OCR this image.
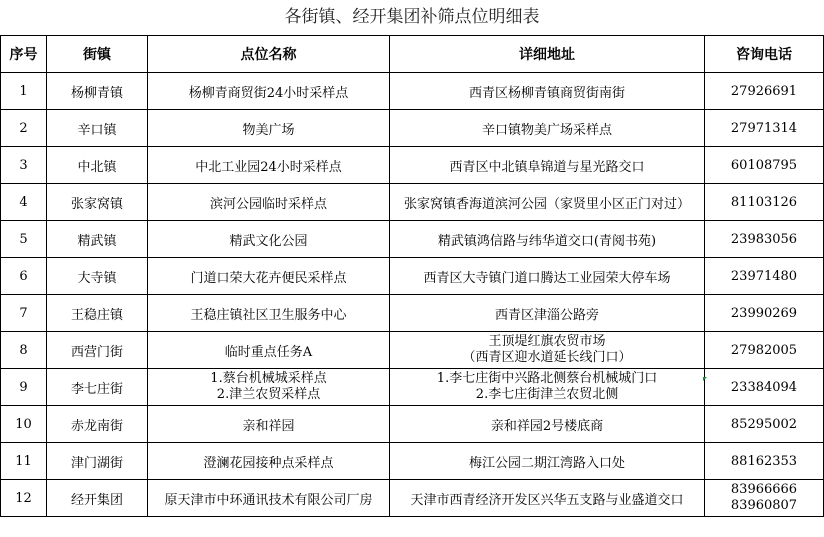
各街镇、经开集团补筛点位明细表
序号	街镇	点位名称	详细地址	咨询电话
1	杨柳青镇	杨柳青商贸街24小时采样点	西青区杨柳青镇商贸街南街	27926691

2	辛口镇	物美广场	辛口镇物美广场采样点	27971314

3	中北镇	中北工业园24小时采样点	西青区中北镇阜锦道与星光路交口	60108795

4	张家窝镇	滨河公园临时采样点	张家窝镇香海道滨河公园（家贤里小区正门对过）	81103126

5	精武镇	精武文化公园	精武镇鸿信路与纬华道交口(青阅书苑)	23983056

6	大寺镇	门道口荣大花卉便民采样点	西青区大寺镇门道口腾达工业园荣大停车场	23971480

7	王稳庄镇	王稳庄镇社区卫生服务中心	西青区津淄公路旁	23990269

8	西营门街	临时重点任务A	王顶堤红旗农贸市场
（西青区迎水道延长线门口）	27982005

9	李七庄街	1.蔡台机械城采样点
2.津兰农贸采样点	1.李七庄街中兴路北侧蔡台机械城门口
2.李七庄街津兰农贸北侧	23384094

10	赤龙南街	亲和祥园	亲和祥园2号楼底商	85295002

11	津门湖街	澄澜花园接种点采样点	梅江公园二期江湾路入口处	88162353

12	经开集团	原天津市中环通讯技术有限公司厂房	天津市西青经济开发区兴华五支路与业盛道交口	83966666
83960807
